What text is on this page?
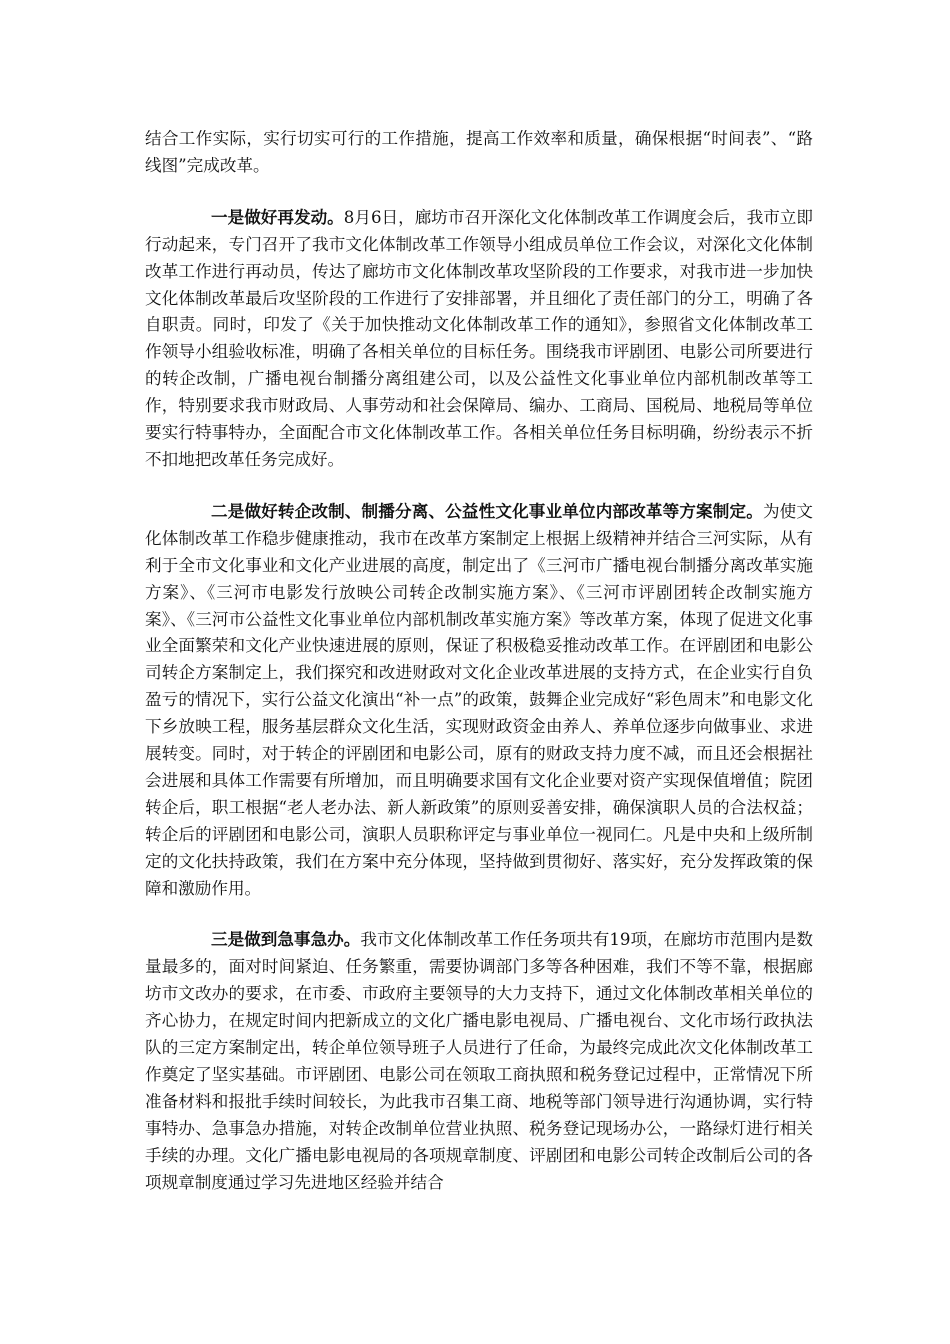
结合工作实际，实行切实可行的工作措施，提高工作效率和质量，确保根据“时间表”、“路线图”完成改革。

一是做好再发动。8月6日，廊坊市召开深化文化体制改革工作调度会后，我市立即行动起来，专门召开了我市文化体制改革工作领导小组成员单位工作会议，对深化文化体制改革工作进行再动员，传达了廊坊市文化体制改革攻坚阶段的工作要求，对我市进一步加快文化体制改革最后攻坚阶段的工作进行了安排部署，并且细化了责任部门的分工，明确了各自职责。同时，印发了《关于加快推动文化体制改革工作的通知》，参照省文化体制改革工作领导小组验收标准，明确了各相关单位的目标任务。围绕我市评剧团、电影公司所要进行的转企改制，广播电视台制播分离组建公司，以及公益性文化事业单位内部机制改革等工作，特别要求我市财政局、人事劳动和社会保障局、编办、工商局、国税局、地税局等单位要实行特事特办，全面配合市文化体制改革工作。各相关单位任务目标明确，纷纷表示不折不扣地把改革任务完成好。

二是做好转企改制、制播分离、公益性文化事业单位内部改革等方案制定。为使文化体制改革工作稳步健康推动，我市在改革方案制定上根据上级精神并结合三河实际，从有利于全市文化事业和文化产业进展的高度，制定出了《三河市广播电视台制播分离改革实施方案》、《三河市电影发行放映公司转企改制实施方案》、《三河市评剧团转企改制实施方案》、《三河市公益性文化事业单位内部机制改革实施方案》等改革方案，体现了促进文化事业全面繁荣和文化产业快速进展的原则，保证了积极稳妥推动改革工作。在评剧团和电影公司转企方案制定上，我们探究和改进财政对文化企业改革进展的支持方式，在企业实行自负盈亏的情况下，实行公益文化演出“补一点”的政策，鼓舞企业完成好“彩色周末”和电影文化下乡放映工程，服务基层群众文化生活，实现财政资金由养人、养单位逐步向做事业、求进展转变。同时，对于转企的评剧团和电影公司，原有的财政支持力度不减，而且还会根据社会进展和具体工作需要有所增加，而且明确要求国有文化企业要对资产实现保值增值；院团转企后，职工根据“老人老办法、新人新政策”的原则妥善安排，确保演职人员的合法权益；转企后的评剧团和电影公司，演职人员职称评定与事业单位一视同仁。凡是中央和上级所制定的文化扶持政策，我们在方案中充分体现，坚持做到贯彻好、落实好，充分发挥政策的保障和激励作用。

三是做到急事急办。我市文化体制改革工作任务项共有19项，在廊坊市范围内是数量最多的，面对时间紧迫、任务繁重，需要协调部门多等各种困难，我们不等不靠，根据廊坊市文改办的要求，在市委、市政府主要领导的大力支持下，通过文化体制改革相关单位的齐心协力，在规定时间内把新成立的文化广播电影电视局、广播电视台、文化市场行政执法队的三定方案制定出，转企单位领导班子人员进行了任命，为最终完成此次文化体制改革工作奠定了坚实基础。市评剧团、电影公司在领取工商执照和税务登记过程中，正常情况下所准备材料和报批手续时间较长，为此我市召集工商、地税等部门领导进行沟通协调，实行特事特办、急事急办措施，对转企改制单位营业执照、税务登记现场办公，一路绿灯进行相关手续的办理。文化广播电影电视局的各项规章制度、评剧团和电影公司转企改制后公司的各项规章制度通过学习先进地区经验并结合
